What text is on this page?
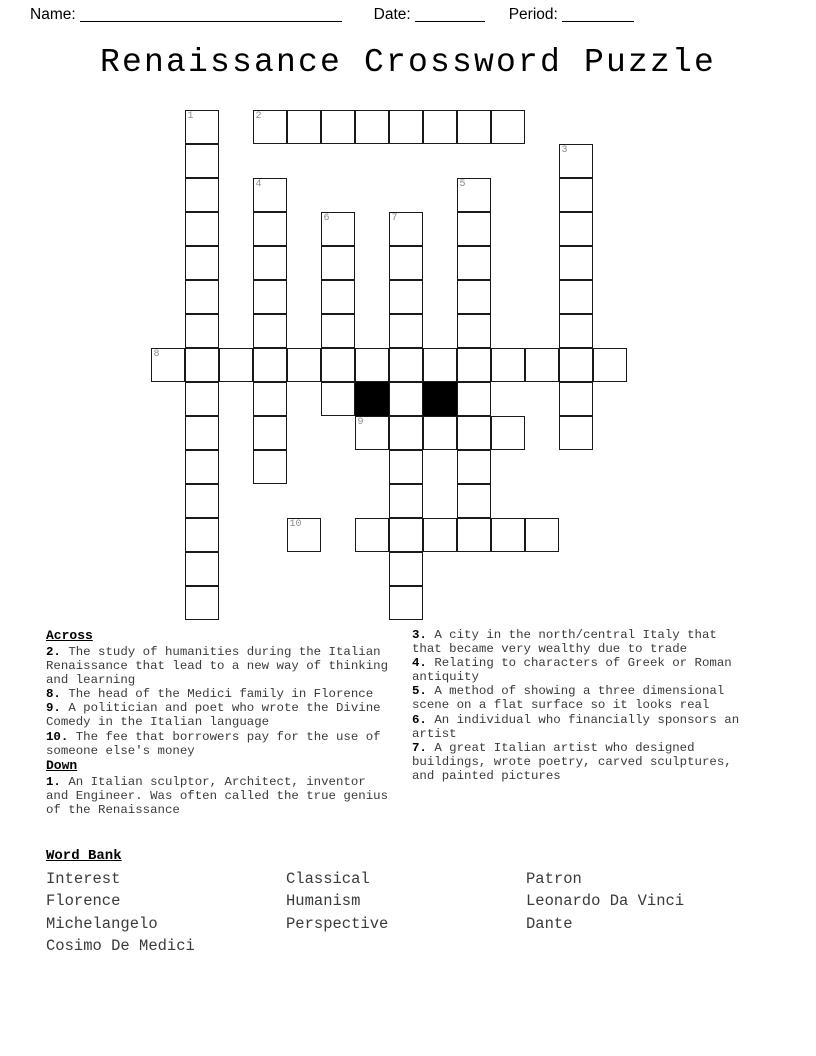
Name:	Date:	Period:
Renaissance Crossword Puzzle
1	2
3
4	5
6	7
8
9
10
Across
2. The study of humanities during the Italian Renaissance that lead to a new way of thinking and learning
8. The head of the Medici family in Florence
9. A politician and poet who wrote the Divine Comedy in the Italian language
10. The fee that borrowers pay for the use of someone else's money
Down
1. An Italian sculptor, Architect, inventor and Engineer. Was often called the true genius of the Renaissance
3. A city in the north/central Italy that that became very wealthy due to trade
4. Relating to characters of Greek or Roman antiquity
5. A method of showing a three dimensional scene on a flat surface so it looks real
6. An individual who financially sponsors an artist
7. A great Italian artist who designed buildings, wrote poetry, carved sculptures, and painted pictures
Word Bank
Interest
Florence
Michelangelo
Cosimo De Medici
Classical
Humanism
Perspective
Patron
Leonardo Da Vinci
Dante
